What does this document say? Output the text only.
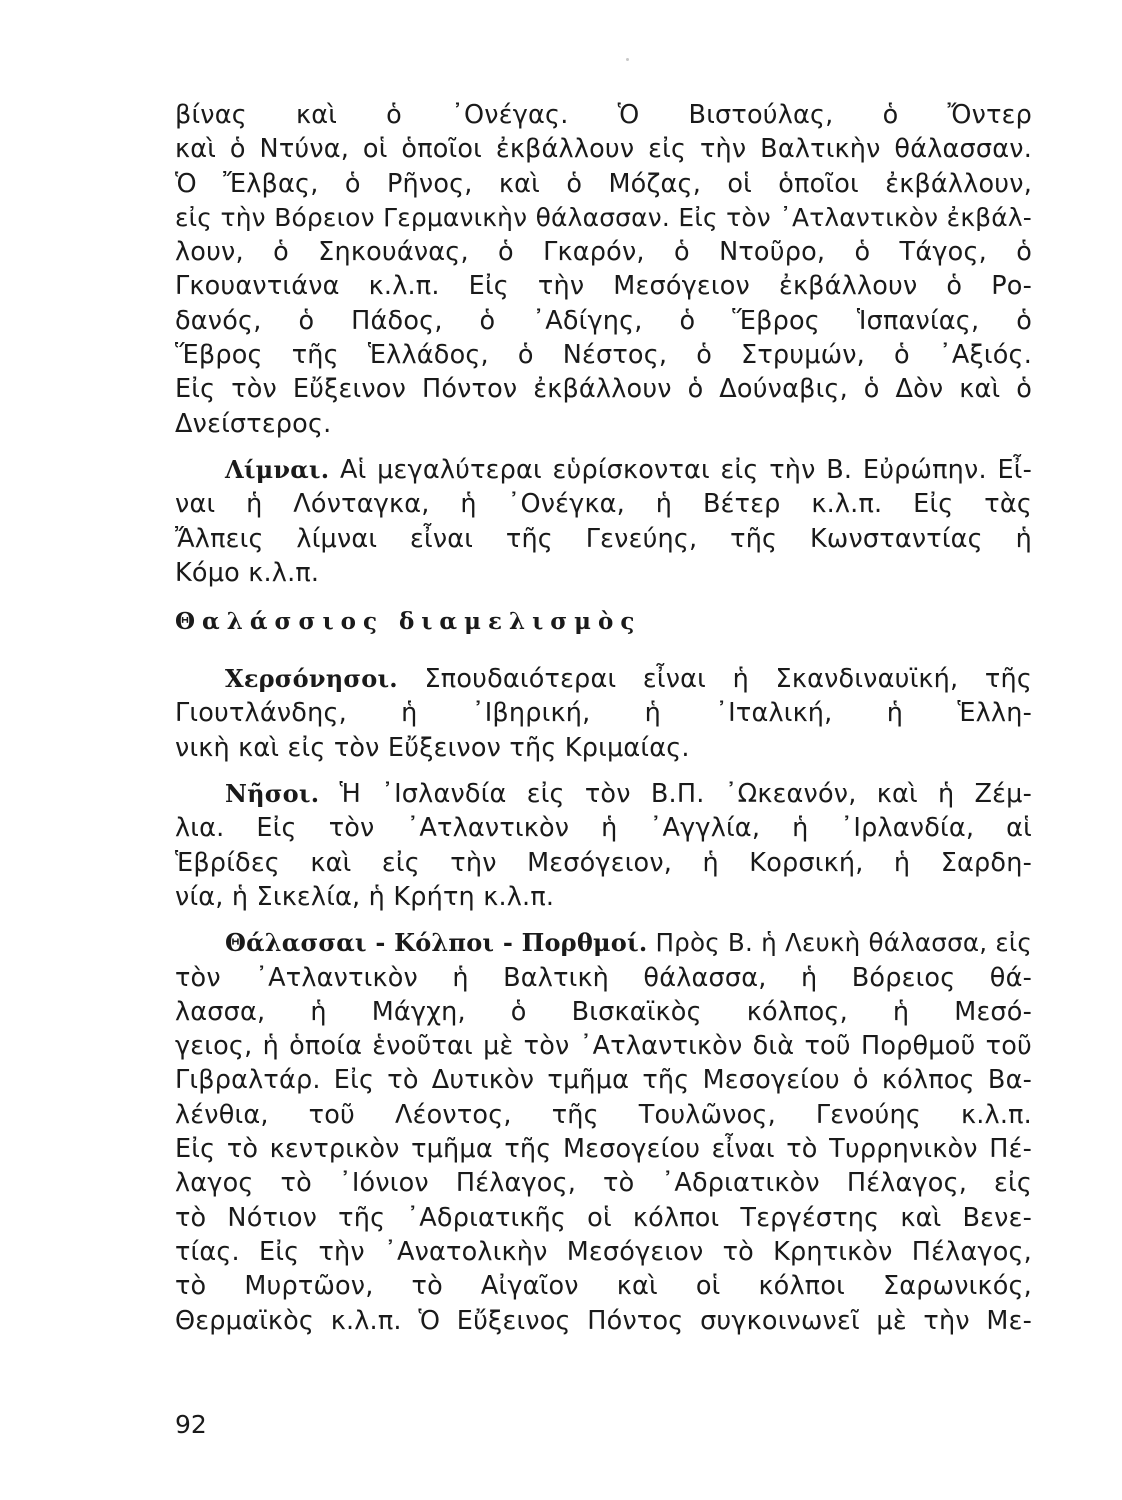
βίνας καὶ ὁ ᾿Ονέγας. Ὁ Βιστούλας, ὁ Ὄντερ
καὶ ὁ Ντύνα, οἱ ὁποῖοι ἐκβάλλουν εἰς τὴν Βαλτικὴν θάλασσαν.
Ὁ Ἔλβας, ὁ Ρῆνος, καὶ ὁ Μόζας, οἱ ὁποῖοι ἐκβάλλουν,
εἰς τὴν Βόρειον Γερμανικὴν θάλασσαν. Εἰς τὸν ᾿Ατλαντικὸν ἐκβάλ-
λουν, ὁ Σηκουάνας, ὁ Γκαρόν, ὁ Ντοῦρο, ὁ Τάγος, ὁ
Γκουαντιάνα κ.λ.π. Εἰς τὴν Μεσόγειον ἐκβάλλουν ὁ Ρο-
δανός, ὁ Πάδος, ὁ ᾿Αδίγης, ὁ Ἕβρος Ἱσπανίας, ὁ
Ἕβρος τῆς Ἑλλάδος, ὁ Νέστος, ὁ Στρυμών, ὁ ᾿Αξιός.
Εἰς τὸν Εὔξεινον Πόντον ἐκβάλλουν ὁ Δούναβις, ὁ Δὸν καὶ ὁ
Δνείστερος.
Λίμναι. Αἱ μεγαλύτεραι εὑρίσκονται εἰς τὴν Β. Εὐρώπην. Εἶ-
ναι ἡ Λόνταγκα, ἡ ᾿Ονέγκα, ἡ Βέτερ κ.λ.π. Εἰς τὰς
Ἄλπεις λίμναι εἶναι τῆς Γενεύης, τῆς Κωνσταντίας ἡ
Κόμο κ.λ.π.
Θαλάσσιος διαμελισμὸς
Χερσόνησοι. Σπουδαιότεραι εἶναι ἡ Σκανδιναυϊκή, τῆς
Γιουτλάνδης, ἡ ᾿Ιβηρική, ἡ ᾿Ιταλική, ἡ Ἑλλη-
νικὴ καὶ εἰς τὸν Εὔξεινον τῆς Κριμαίας.
Νῆσοι. Ἡ ᾿Ισλανδία εἰς τὸν Β.Π. ᾿Ωκεανόν, καὶ ἡ Ζέμ-
λια. Εἰς τὸν ᾿Ατλαντικὸν ἡ ᾿Αγγλία, ἡ ᾿Ιρλανδία, αἱ
Ἑβρίδες καὶ εἰς τὴν Μεσόγειον, ἡ Κορσική, ἡ Σαρδη-
νία, ἡ Σικελία, ἡ Κρήτη κ.λ.π.
Θάλασσαι - Κόλποι - Πορθμοί. Πρὸς Β. ἡ Λευκὴ θάλασσα, εἰς
τὸν ᾿Ατλαντικὸν ἡ Βαλτικὴ θάλασσα, ἡ Βόρειος θά-
λασσα, ἡ Μάγχη, ὁ Βισκαϊκὸς κόλπος, ἡ Μεσό-
γειος, ἡ ὁποία ἑνοῦται μὲ τὸν ᾿Ατλαντικὸν διὰ τοῦ Πορθμοῦ τοῦ
Γιβραλτάρ. Εἰς τὸ Δυτικὸν τμῆμα τῆς Μεσογείου ὁ κόλπος Βα-
λένθια, τοῦ Λέοντος, τῆς Τουλῶνος, Γενούης κ.λ.π.
Εἰς τὸ κεντρικὸν τμῆμα τῆς Μεσογείου εἶναι τὸ Τυρρηνικὸν Πέ-
λαγος τὸ ᾿Ιόνιον Πέλαγος, τὸ ᾿Αδριατικὸν Πέλαγος, εἰς
τὸ Νότιον τῆς ᾿Αδριατικῆς οἱ κόλποι Τεργέστης καὶ Βενε-
τίας. Εἰς τὴν ᾿Ανατολικὴν Μεσόγειον τὸ Κρητικὸν Πέλαγος,
τὸ Μυρτῶον, τὸ Αἰγαῖον καὶ οἱ κόλποι Σαρωνικός,
Θερμαϊκὸς κ.λ.π. Ὁ Εὔξεινος Πόντος συγκοινωνεῖ μὲ τὴν Με-
92
